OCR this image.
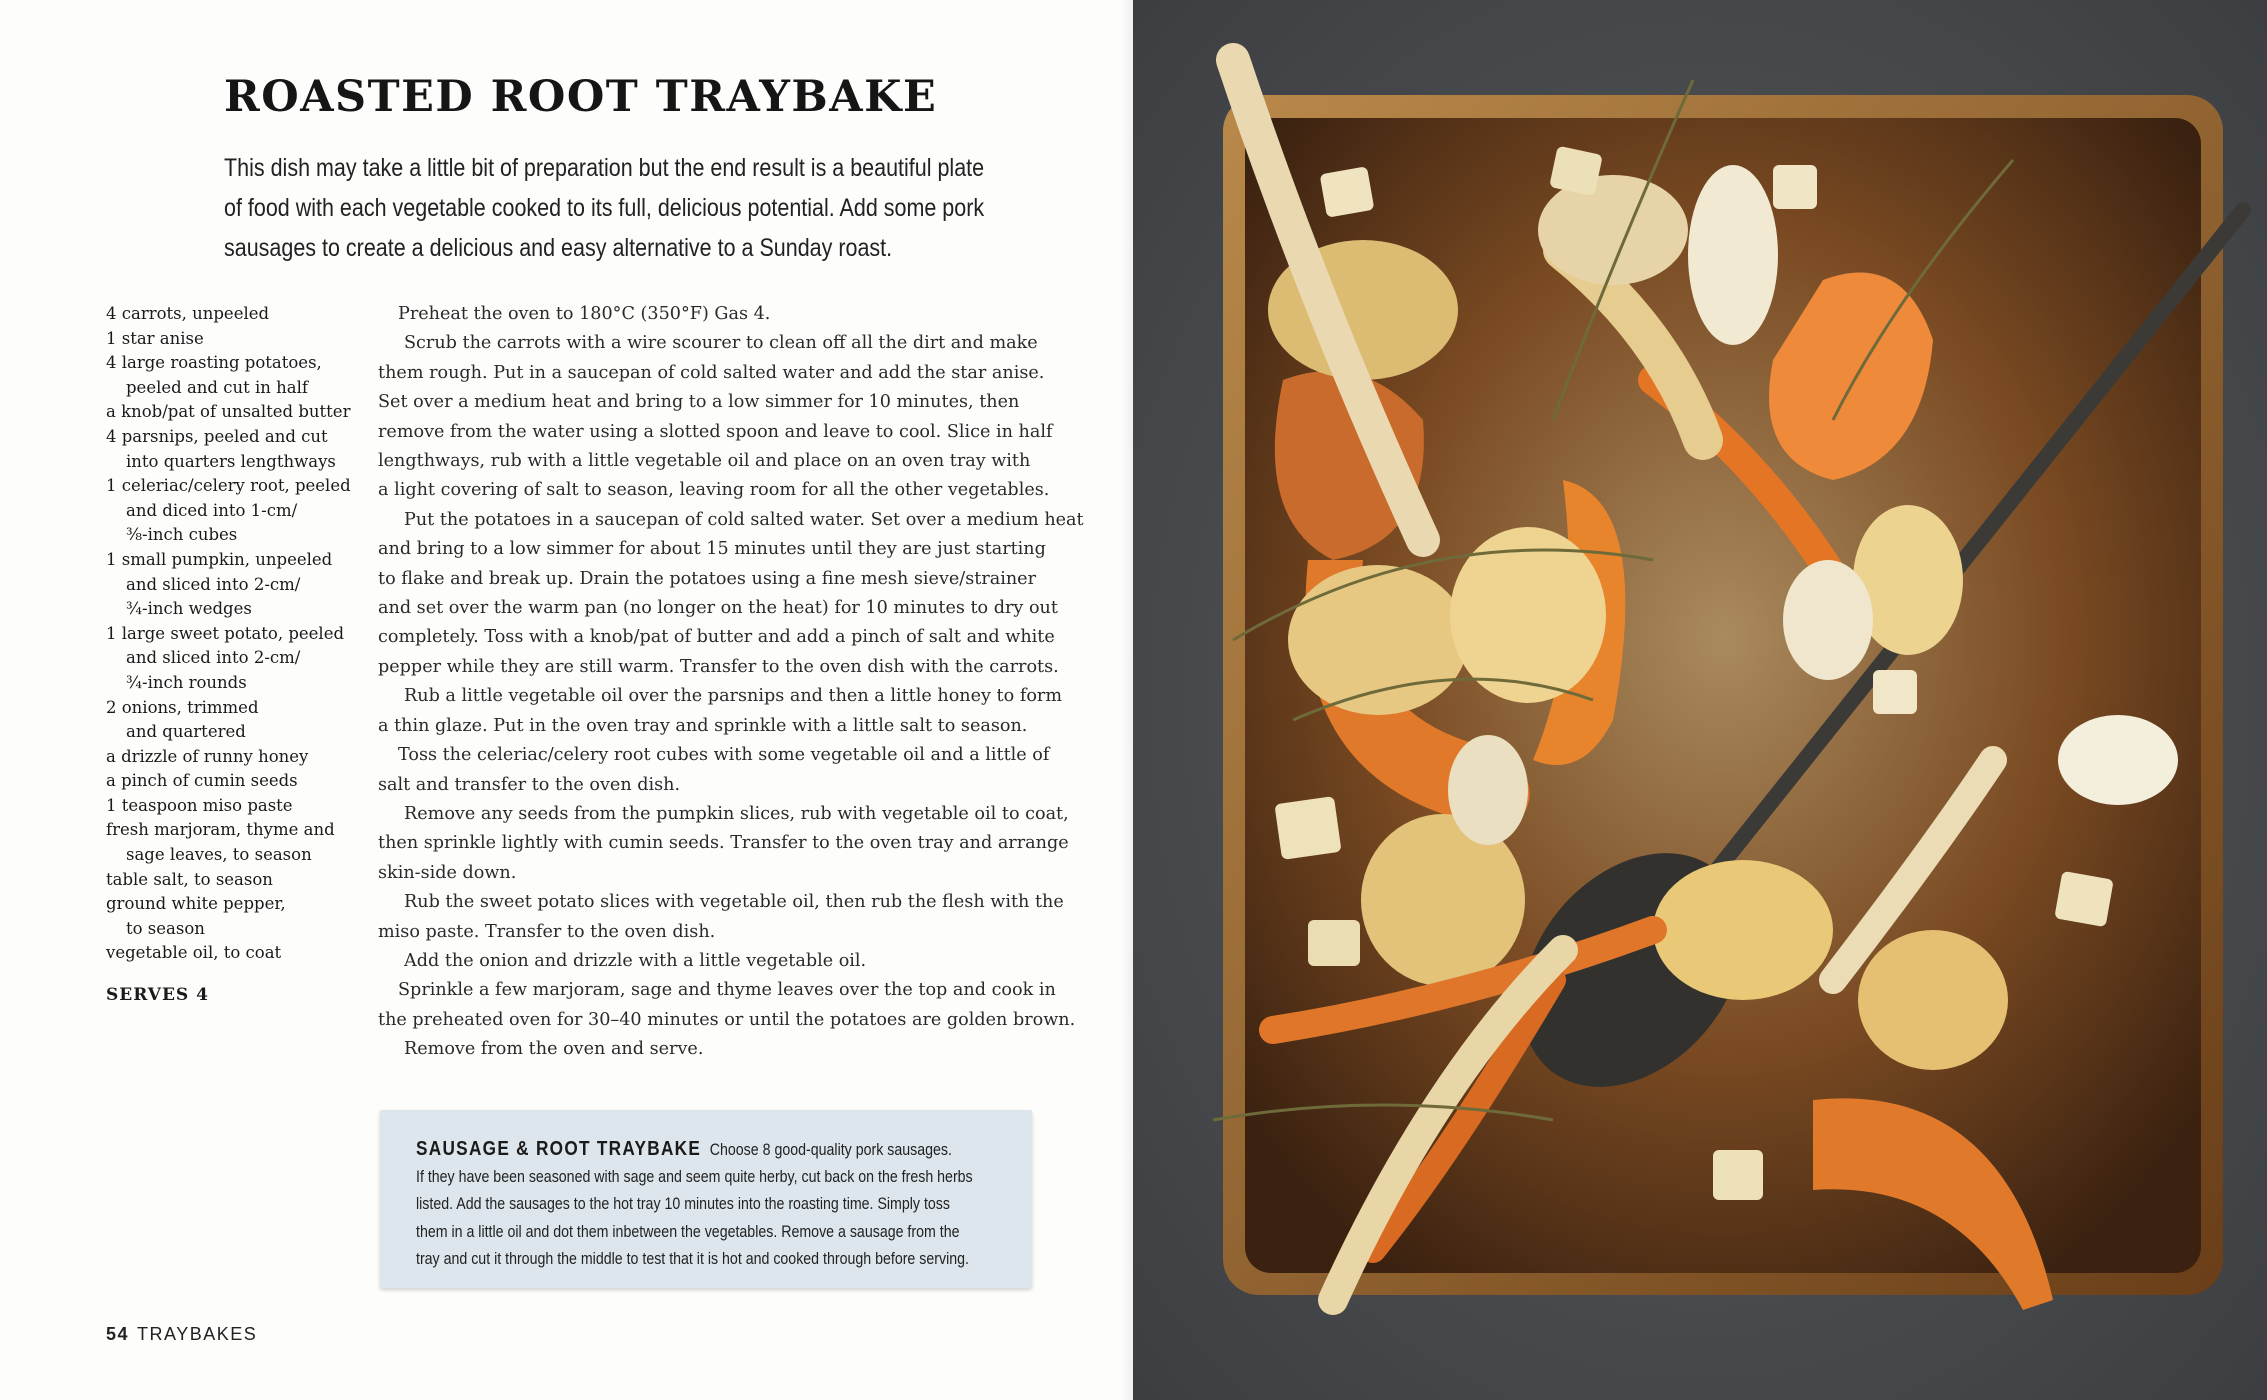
ROASTED ROOT TRAYBAKE
This dish may take a little bit of preparation but the end result is a beautiful plate
of food with each vegetable cooked to its full, delicious potential. Add some pork
sausages to create a delicious and easy alternative to a Sunday roast.
4 carrots, unpeeled
1 star anise
4 large roasting potatoes,
peeled and cut in half
a knob/pat of unsalted butter
4 parsnips, peeled and cut
into quarters lengthways
1 celeriac/celery root, peeled
and diced into 1-cm/
⅜-inch cubes
1 small pumpkin, unpeeled
and sliced into 2-cm/
¾-inch wedges
1 large sweet potato, peeled
and sliced into 2-cm/
¾-inch rounds
2 onions, trimmed
and quartered
a drizzle of runny honey
a pinch of cumin seeds
1 teaspoon miso paste
fresh marjoram, thyme and
sage leaves, to season
table salt, to season
ground white pepper,
to season
vegetable oil, to coat

SERVES 4

Preheat the oven to 180°C (350°F) Gas 4.

Scrub the carrots with a wire scourer to clean off all the dirt and make

them rough. Put in a saucepan of cold salted water and add the star anise.

Set over a medium heat and bring to a low simmer for 10 minutes, then

remove from the water using a slotted spoon and leave to cool. Slice in half

lengthways, rub with a little vegetable oil and place on an oven tray with

a light covering of salt to season, leaving room for all the other vegetables.

Put the potatoes in a saucepan of cold salted water. Set over a medium heat

and bring to a low simmer for about 15 minutes until they are just starting

to flake and break up. Drain the potatoes using a fine mesh sieve/strainer

and set over the warm pan (no longer on the heat) for 10 minutes to dry out

completely. Toss with a knob/pat of butter and add a pinch of salt and white

pepper while they are still warm. Transfer to the oven dish with the carrots.

Rub a little vegetable oil over the parsnips and then a little honey to form

a thin glaze. Put in the oven tray and sprinkle with a little salt to season.

Toss the celeriac/celery root cubes with some vegetable oil and a little of

salt and transfer to the oven dish.

Remove any seeds from the pumpkin slices, rub with vegetable oil to coat,

then sprinkle lightly with cumin seeds. Transfer to the oven tray and arrange

skin-side down.

Rub the sweet potato slices with vegetable oil, then rub the flesh with the

miso paste. Transfer to the oven dish.

Add the onion and drizzle with a little vegetable oil.

Sprinkle a few marjoram, sage and thyme leaves over the top and cook in

the preheated oven for 30–40 minutes or until the potatoes are golden brown.

Remove from the oven and serve.

SAUSAGE & ROOT TRAYBAKE Choose 8 good-quality pork sausages.
If they have been seasoned with sage and seem quite herby, cut back on the fresh herbs
listed. Add the sausages to the hot tray 10 minutes into the roasting time. Simply toss
them in a little oil and dot them inbetween the vegetables. Remove a sausage from the
tray and cut it through the middle to test that it is hot and cooked through before serving.
54 TRAYBAKES
